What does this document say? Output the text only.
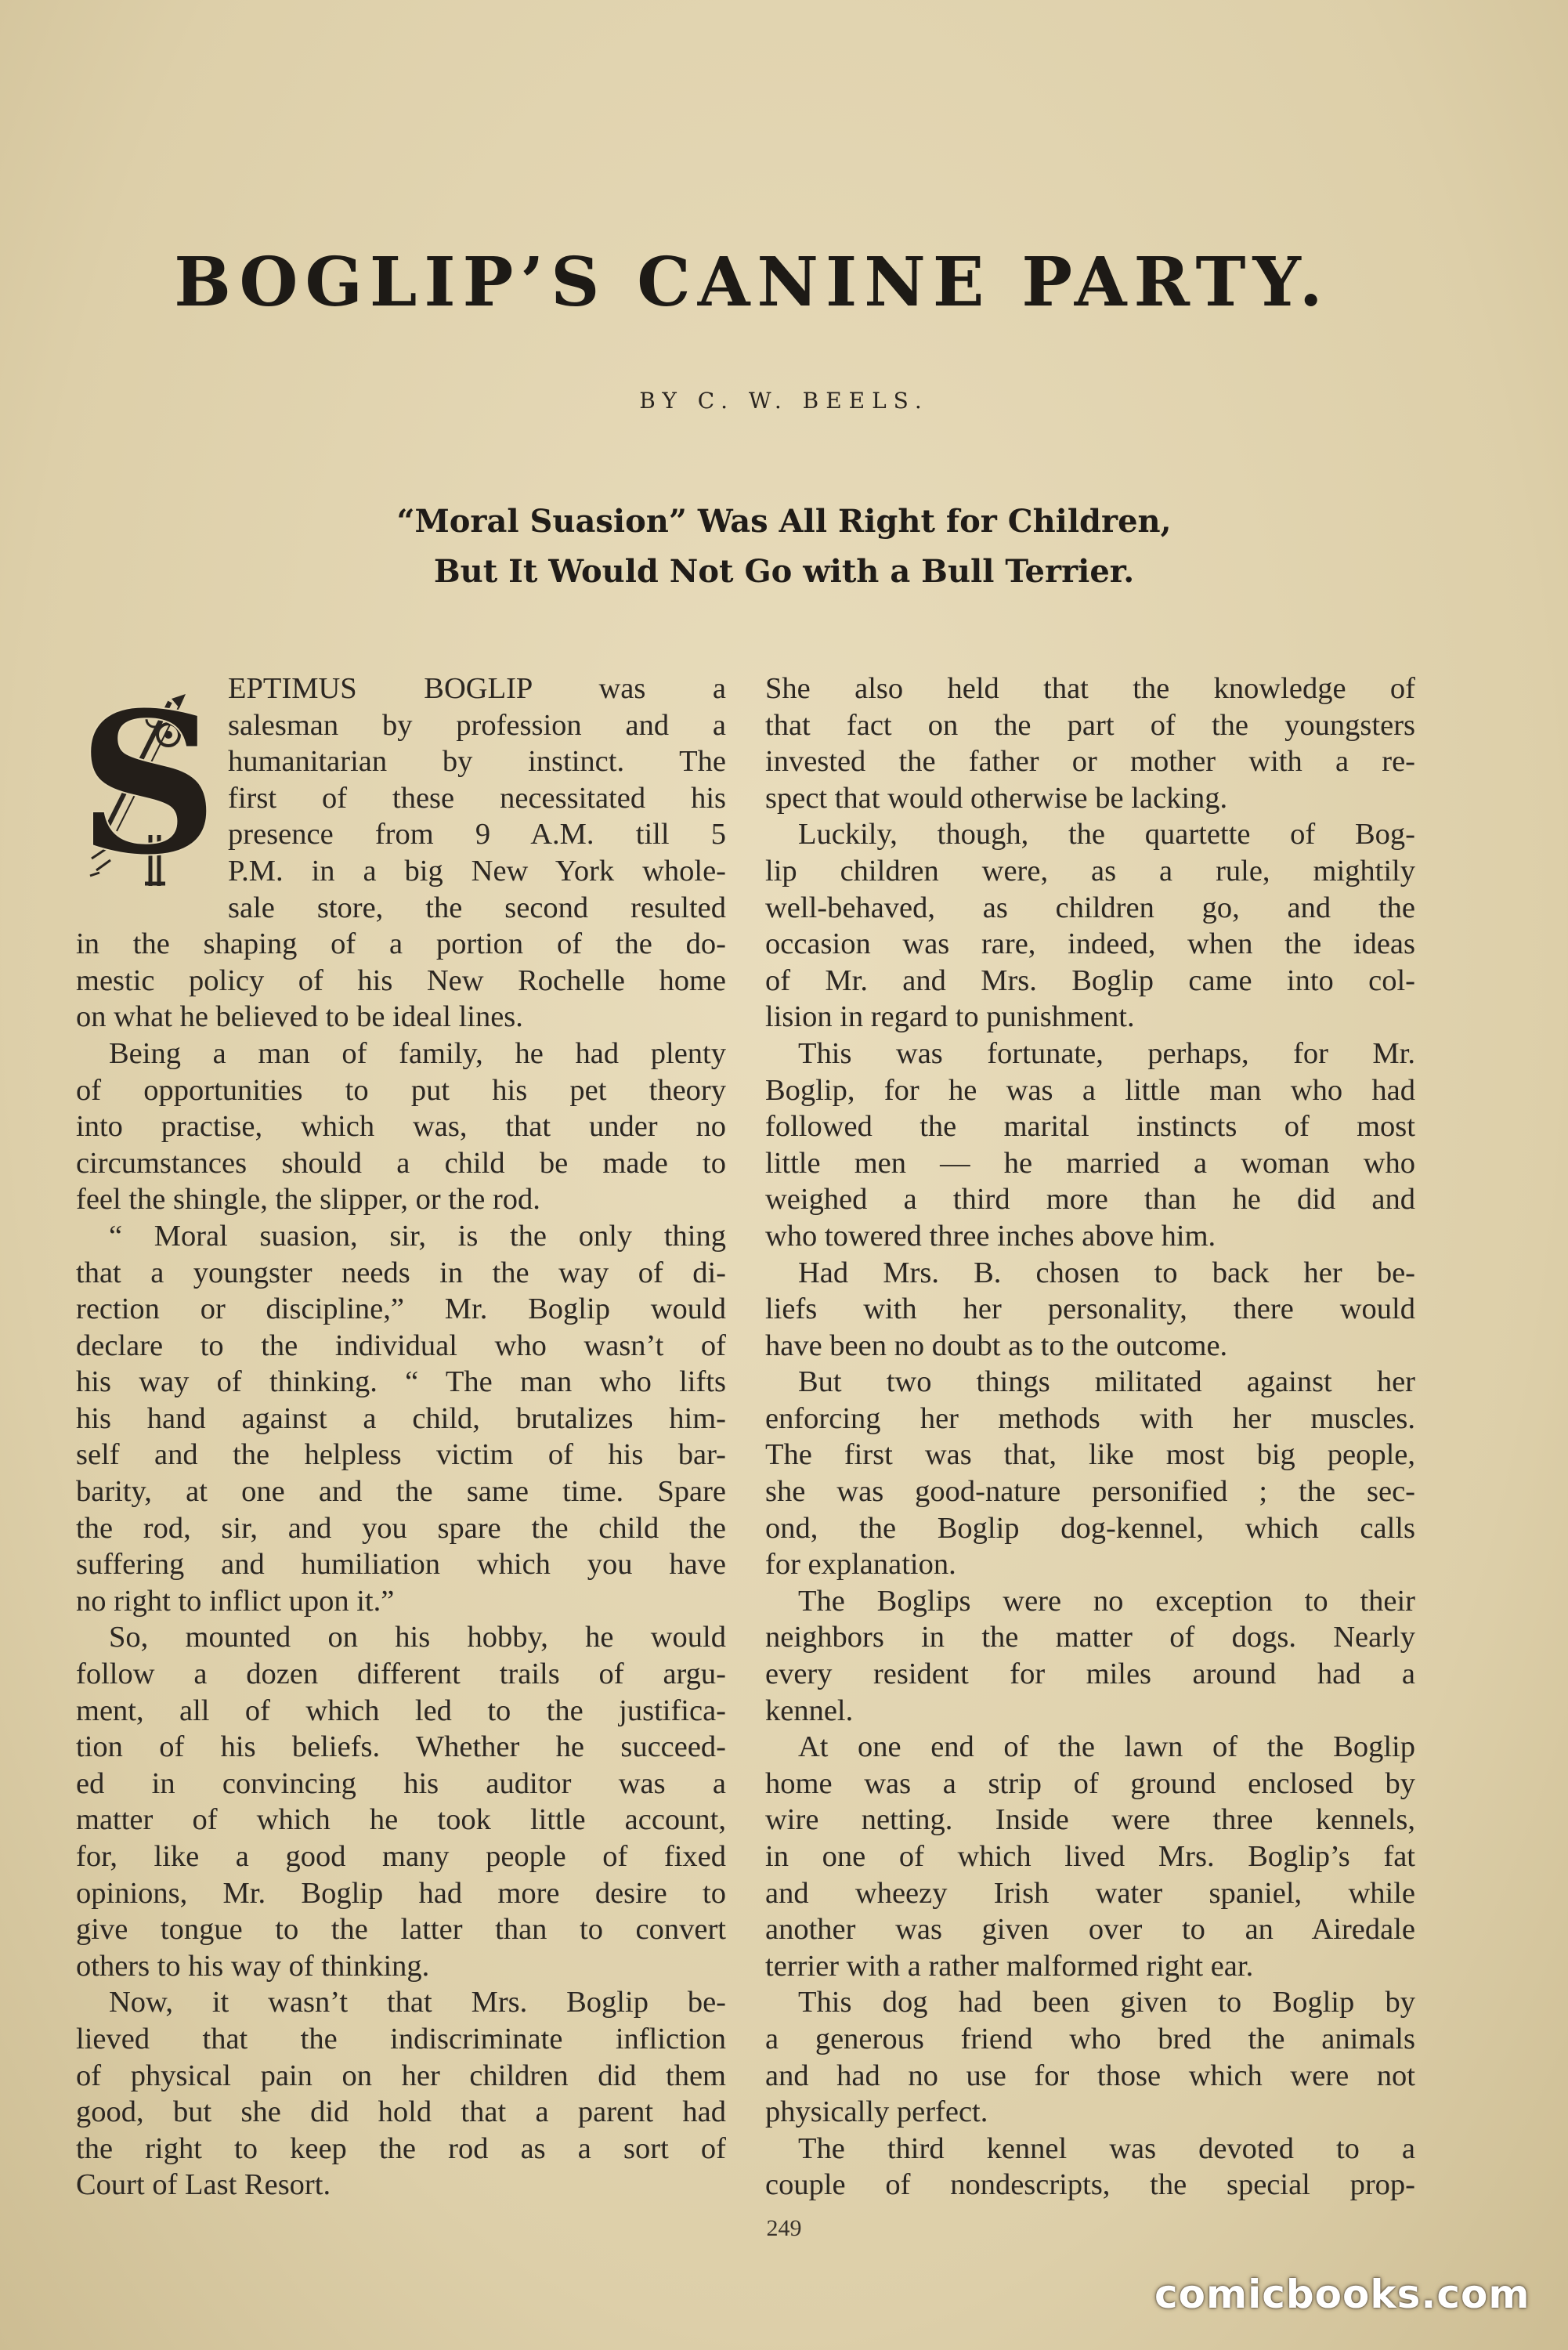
BOGLIP’S CANINE PARTY.
BY C. W. BEELS.
“Moral Suasion” Was All Right for Children,
But It Would Not Go with a Bull Terrier.
S EPTIMUS BOGLIP was a
salesman by profession and a
humanitarian by instinct. The
first of these necessitated his
presence from 9 A.M. till 5
P.M. in a big New York whole-
sale store, the second resulted
in the shaping of a portion of the do-
mestic policy of his New Rochelle home
on what he believed to be ideal lines.
Being a man of family, he had plenty
of opportunities to put his pet theory
into practise, which was, that under no
circumstances should a child be made to
feel the shingle, the slipper, or the rod.
“ Moral suasion, sir, is the only thing
that a youngster needs in the way of di-
rection or discipline,” Mr. Boglip would
declare to the individual who wasn’t of
his way of thinking. “ The man who lifts
his hand against a child, brutalizes him-
self and the helpless victim of his bar-
barity, at one and the same time. Spare
the rod, sir, and you spare the child the
suffering and humiliation which you have
no right to inflict upon it.”
So, mounted on his hobby, he would
follow a dozen different trails of argu-
ment, all of which led to the justifica-
tion of his beliefs. Whether he succeed-
ed in convincing his auditor was a
matter of which he took little account,
for, like a good many people of fixed
opinions, Mr. Boglip had more desire to
give tongue to the latter than to convert
others to his way of thinking.
Now, it wasn’t that Mrs. Boglip be-
lieved that the indiscriminate infliction
of physical pain on her children did them
good, but she did hold that a parent had
the right to keep the rod as a sort of
Court of Last Resort.
She also held that the knowledge of
that fact on the part of the youngsters
invested the father or mother with a re-
spect that would otherwise be lacking.
Luckily, though, the quartette of Bog-
lip children were, as a rule, mightily
well-behaved, as children go, and the
occasion was rare, indeed, when the ideas
of Mr. and Mrs. Boglip came into col-
lision in regard to punishment.
This was fortunate, perhaps, for Mr.
Boglip, for he was a little man who had
followed the marital instincts of most
little men — he married a woman who
weighed a third more than he did and
who towered three inches above him.
Had Mrs. B. chosen to back her be-
liefs with her personality, there would
have been no doubt as to the outcome.
But two things militated against her
enforcing her methods with her muscles.
The first was that, like most big people,
she was good-nature personified ; the sec-
ond, the Boglip dog-kennel, which calls
for explanation.
The Boglips were no exception to their
neighbors in the matter of dogs. Nearly
every resident for miles around had a
kennel.
At one end of the lawn of the Boglip
home was a strip of ground enclosed by
wire netting. Inside were three kennels,
in one of which lived Mrs. Boglip’s fat
and wheezy Irish water spaniel, while
another was given over to an Airedale
terrier with a rather malformed right ear.
This dog had been given to Boglip by
a generous friend who bred the animals
and had no use for those which were not
physically perfect.
The third kennel was devoted to a
couple of nondescripts, the special prop-
249
comicbooks.com
